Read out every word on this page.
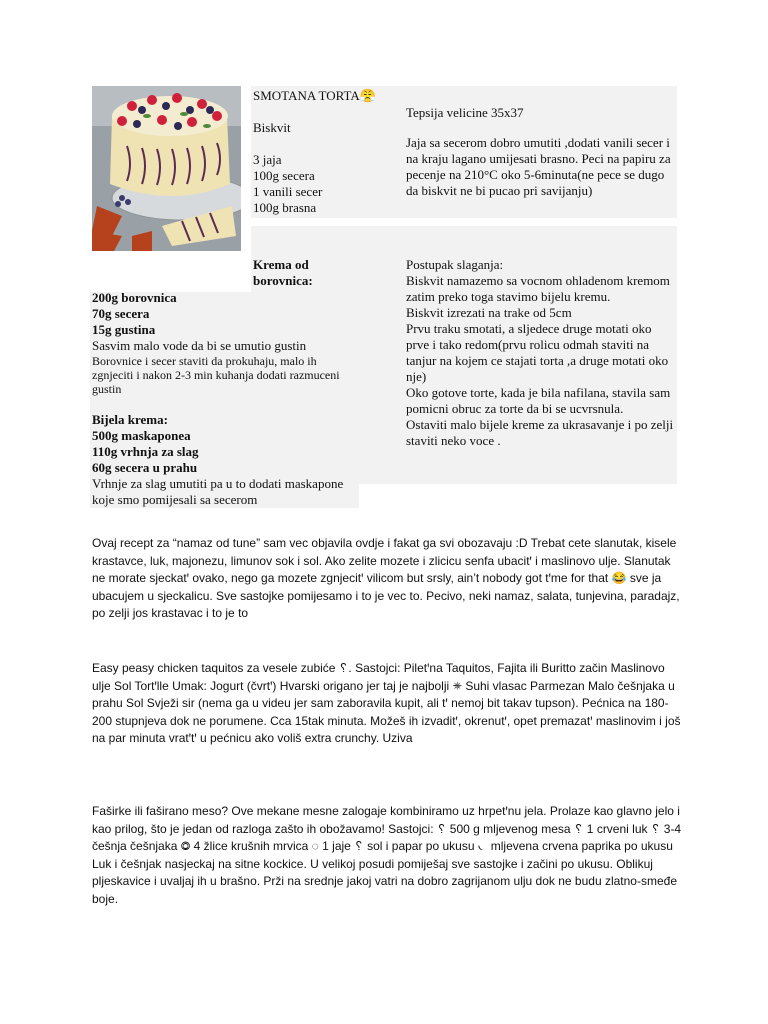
SMOTANA TORTA😤

Biskvit

3 jaja

100g secera

1 vanili secer

100g brasna

Tepsija velicine 35x37

Jaja sa secerom dobro umutiti ,dodati vanili secer i na kraju lagano umijesati brasno. Peci na papiru za pecenje na 210°C oko 5-6minuta(ne pece se dugo da biskvit ne bi pucao pri savijanju)

Krema od borovnica:

200g borovnica

70g secera

15g gustina

Sasvim malo vode da bi se umutio gustin

Borovnice i secer staviti da prokuhaju, malo ih zgnjeciti i nakon 2-3 min kuhanja dodati razmuceni gustin

Bijela krema:

500g maskaponea

110g vrhnja za slag

60g secera u prahu

Vrhnje za slag umutiti pa u to dodati maskapone koje smo pomijesali sa secerom

Postupak slaganja:

Biskvit namazemo sa vocnom ohladenom kremom zatim preko toga stavimo bijelu kremu.

Biskvit izrezati na trake od 5cm

Prvu traku smotati, a sljedece druge motati oko prve i tako redom(prvu rolicu odmah staviti na tanjur na kojem ce stajati torta ,a druge motati oko nje)

Oko gotove torte, kada je bila nafilana, stavila sam pomicni obruc za torte da bi se ucvrsnula.

Ostaviti malo bijele kreme za ukrasavanje i po zelji staviti neko voce .

Ovaj recept za “namaz od tune” sam vec objavila ovdje i fakat ga svi obozavaju :D Trebat cete slanutak, kisele krastavce, luk, majonezu, limunov sok i sol. Ako zelite mozete i zlicicu senfa ubacitꞌ i maslinovo ulje. Slanutak ne morate sjeckatꞌ ovako, nego ga mozete zgnjecitꞌ vilicom but srsly, ain’t nobody got tꞌme for that 😂 sve ja ubacujem u sjeckalicu. Sve sastojke pomijesamo i to je vec to. Pecivo, neki namaz, salata, tunjevina, paradajz, po zelji jos krastavac i to je to
Easy peasy chicken taquitos za vesele zubiće ␦. Sastojci: Piletꞌna Taquitos, Fajita ili Buritto začin Maslinovo ulje Sol Tortꞌlle Umak: Jogurt (čvrtꞌ) Hvarski origano jer taj je najbolji ✵ Suhi vlasac Parmezan Malo češnjaka u prahu Sol Svježi sir (nema ga u videu jer sam zaboravila kupit, ali tꞌ nemoj bit takav tupson). Pećnica na 180-200 stupnjeva dok ne porumene. Cca 15tak minuta. Možeš ih izvaditꞌ, okrenutꞌ, opet premazatꞌ maslinovim i još na par minuta vratꞌtꞌ u pećnicu ako voliš extra crunchy. Uziva
Faširke ili faširano meso? Ove mekane mesne zalogaje kombiniramo uz hrpetꞌnu jela. Prolaze kao glavno jelo i kao prilog, što je jedan od razloga zašto ih obožavamo! Sastojci: ␦ 500 g mljevenog mesa ␦ 1 crveni luk ␦ 3-4 češnja češnjaka ◎ 4 žlice krušnih mrvica ◌ 1 jaje ␦ sol i papar po ukusu ◟ mljevena crvena paprika po ukusu Luk i češnjak nasjeckaj na sitne kockice. U velikoj posudi pomiješaj sve sastojke i začini po ukusu. Oblikuj pljeskavice i uvaljaj ih u brašno. Prži na srednje jakoj vatri na dobro zagrijanom ulju dok ne budu zlatno-smeđe boje.
